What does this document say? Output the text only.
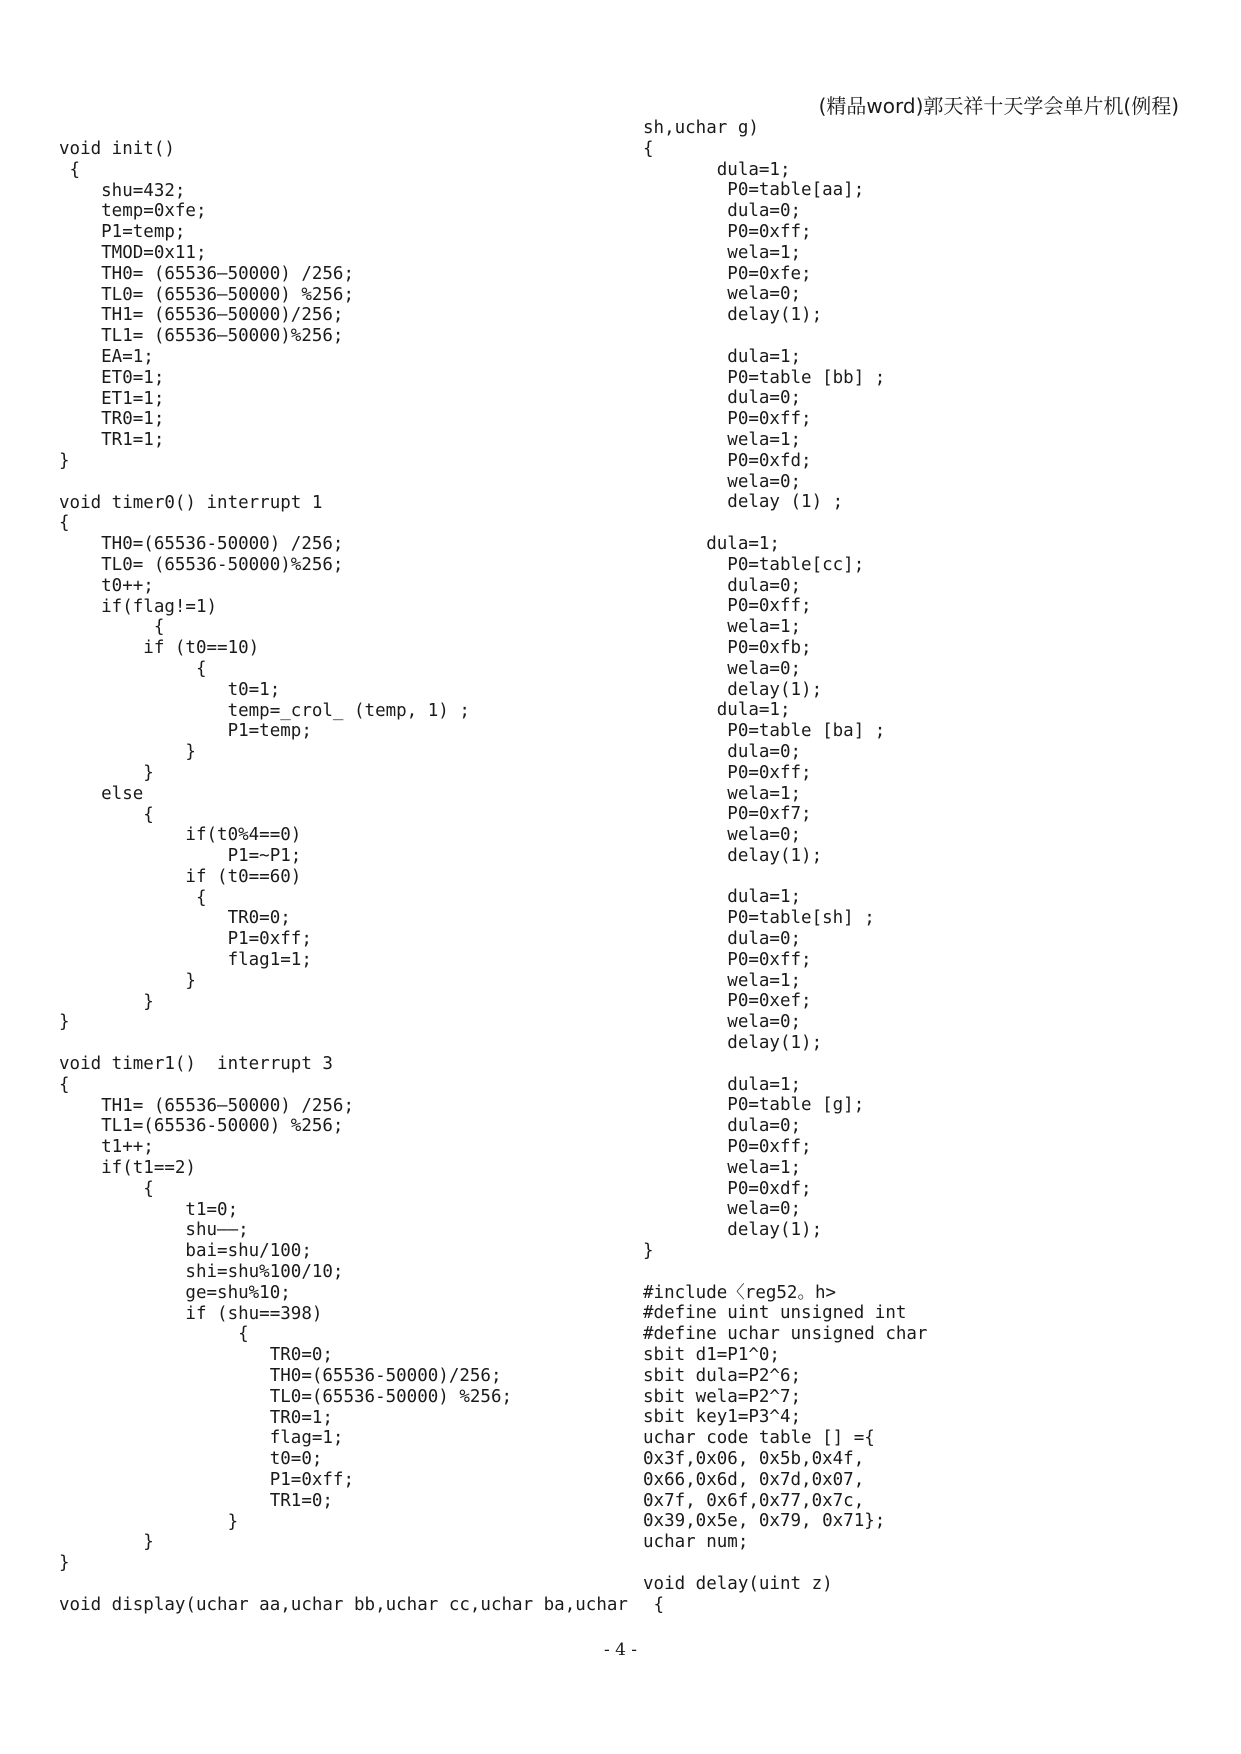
(精品word)郭天祥十天学会单片机(例程)
void init()
{
shu=432;
temp=0xfe;
P1=temp;
TMOD=0x11;
TH0= (65536—50000) /256;
TL0= (65536—50000) %256;
TH1= (65536—50000)/256;
TL1= (65536—50000)%256;
EA=1;
ET0=1;
ET1=1;
TR0=1;
TR1=1;
}
void timer0() interrupt 1
{
TH0=(65536-50000) /256;
TL0= (65536-50000)%256;
t0++;
if(flag!=1)
{
if (t0==10)
{
t0=1;
temp=_crol_ (temp, 1) ;
P1=temp;
}
}
else
{
if(t0%4==0)
P1=~P1;
if (t0==60)
{
TR0=0;
P1=0xff;
flag1=1;
}
}
}
void timer1()  interrupt 3
{
TH1= (65536—50000) /256;
TL1=(65536-50000) %256;
t1++;
if(t1==2)
{
t1=0;
shu——;
bai=shu/100;
shi=shu%100/10;
ge=shu%10;
if (shu==398)
{
TR0=0;
TH0=(65536-50000)/256;
TL0=(65536-50000) %256;
TR0=1;
flag=1;
t0=0;
P1=0xff;
TR1=0;
}
}
}
void display(uchar aa,uchar bb,uchar cc,uchar ba,uchar
sh,uchar g)
{
dula=1;
P0=table[aa];
dula=0;
P0=0xff;
wela=1;
P0=0xfe;
wela=0;
delay(1);
dula=1;
P0=table [bb] ;
dula=0;
P0=0xff;
wela=1;
P0=0xfd;
wela=0;
delay (1) ;
dula=1;
P0=table[cc];
dula=0;
P0=0xff;
wela=1;
P0=0xfb;
wela=0;
delay(1);
dula=1;
P0=table [ba] ;
dula=0;
P0=0xff;
wela=1;
P0=0xf7;
wela=0;
delay(1);
dula=1;
P0=table[sh] ;
dula=0;
P0=0xff;
wela=1;
P0=0xef;
wela=0;
delay(1);
dula=1;
P0=table [g];
dula=0;
P0=0xff;
wela=1;
P0=0xdf;
wela=0;
delay(1);
}
#include〈reg52。h>
#define uint unsigned int
#define uchar unsigned char
sbit d1=P1^0;
sbit dula=P2^6;
sbit wela=P2^7;
sbit key1=P3^4;
uchar code table [] ={
0x3f,0x06, 0x5b,0x4f,
0x66,0x6d, 0x7d,0x07,
0x7f, 0x6f,0x77,0x7c,
0x39,0x5e, 0x79, 0x71};
uchar num;
void delay(uint z)
{
- 4 -
